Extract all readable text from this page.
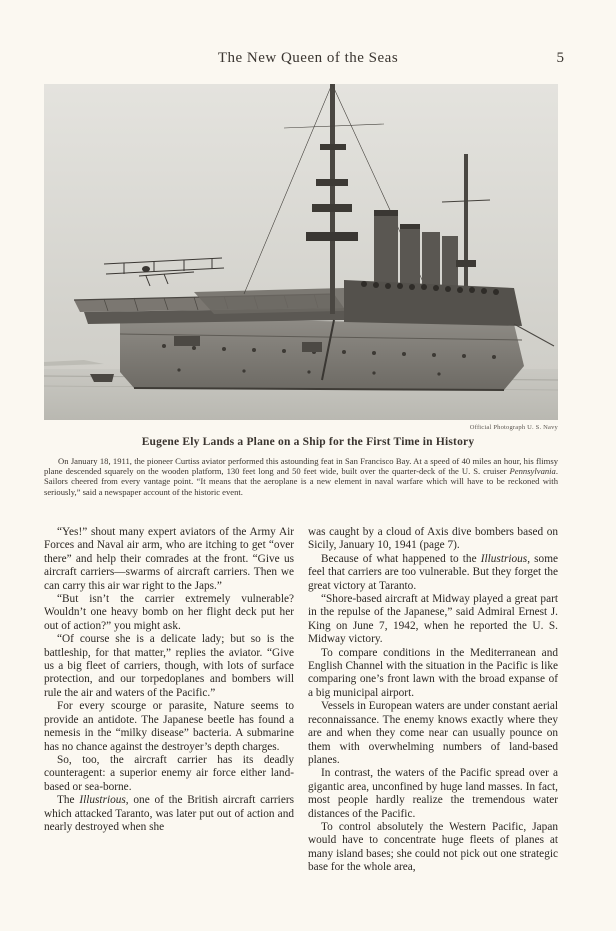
The New Queen of the Seas	5
Official Photograph U. S. Navy
Eugene Ely Lands a Plane on a Ship for the First Time in History
On January 18, 1911, the pioneer Curtiss aviator performed this astounding feat in San Francisco Bay. At a speed of 40 miles an hour, his flimsy plane descended squarely on the wooden platform, 130 feet long and 50 feet wide, built over the quarter-deck of the U. S. cruiser Pennsylvania. Sailors cheered from every vantage point. “It means that the aeroplane is a new element in naval warfare which will have to be reckoned with seriously,” said a newspaper account of the historic event.

“Yes!” shout many expert aviators of the Army Air Forces and Naval air arm, who are itching to get “over there” and help their comrades at the front. “Give us aircraft carriers—swarms of aircraft carriers. Then we can carry this air war right to the Japs.”

“But isn’t the carrier extremely vulnerable? Wouldn’t one heavy bomb on her flight deck put her out of action?” you might ask.

“Of course she is a delicate lady; but so is the battleship, for that matter,” replies the aviator. “Give us a big fleet of carriers, though, with lots of surface protection, and our torpedoplanes and bombers will rule the air and waters of the Pacific.”

For every scourge or parasite, Nature seems to provide an antidote. The Japanese beetle has found a nemesis in the “milky disease” bacteria. A submarine has no chance against the destroyer’s depth charges.

So, too, the aircraft carrier has its deadly counteragent: a superior enemy air force either land-based or sea-borne.

The Illustrious, one of the British aircraft carriers which attacked Taranto, was later put out of action and nearly destroyed when she

was caught by a cloud of Axis dive bombers based on Sicily, January 10, 1941 (page 7).

Because of what happened to the Illustrious, some feel that carriers are too vulnerable. But they forget the great victory at Taranto.

“Shore-based aircraft at Midway played a great part in the repulse of the Japanese,” said Admiral Ernest J. King on June 7, 1942, when he reported the U. S. Midway victory.

To compare conditions in the Mediterranean and English Channel with the situation in the Pacific is like comparing one’s front lawn with the broad expanse of a big municipal airport.

Vessels in European waters are under constant aerial reconnaissance. The enemy knows exactly where they are and when they come near can usually pounce on them with overwhelming numbers of land-based planes.

In contrast, the waters of the Pacific spread over a gigantic area, unconfined by huge land masses. In fact, most people hardly realize the tremendous water distances of the Pacific.

To control absolutely the Western Pacific, Japan would have to concentrate huge fleets of planes at many island bases; she could not pick out one strategic base for the whole area,
